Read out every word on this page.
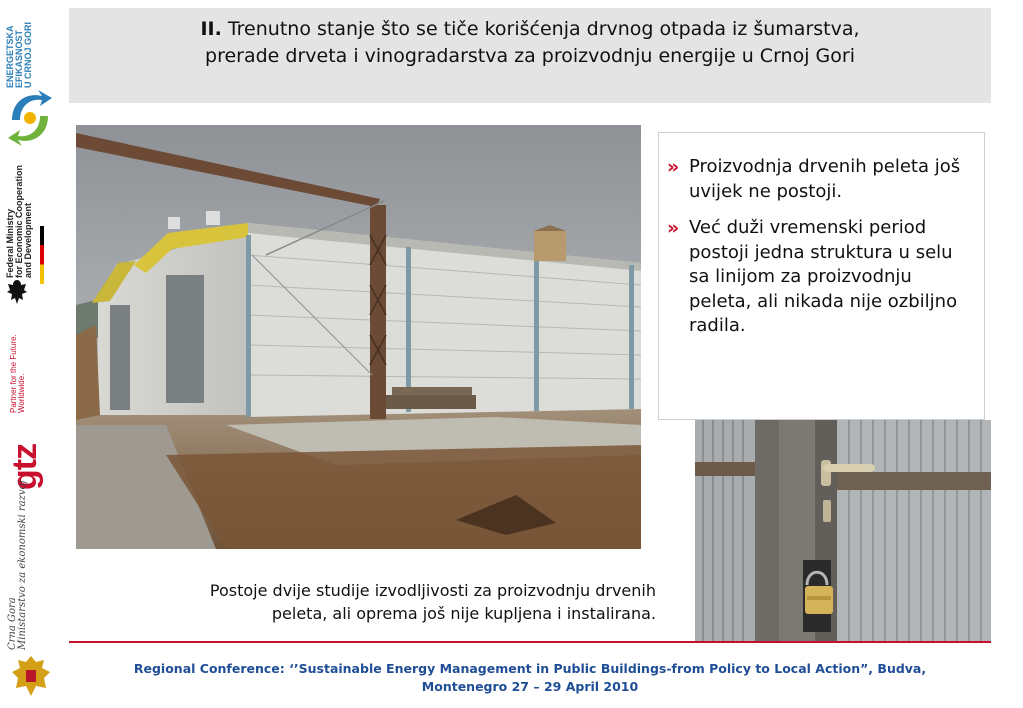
ENERGETSKA
EFIKASNOST
U CRNOJ GORI
Federal Ministry
for Economic Cooperation
and Development
Partner for the Future.
Worldwide.
gtz
Crna Gora
Ministarstvo za ekonomski razvoj
II. Trenutno stanje što se tiče korišćenja drvnog otpada iz šumarstva,
prerade drveta i vinogradarstva za proizvodnju energije u Crnoj Gori
» Proizvodnja drvenih peleta još uvijek ne postoji.
» Već duži vremenski period postoji jedna struktura u selu sa linijom za proizvodnju peleta, ali nikada nije ozbiljno radila.
Postoje dvije studije izvodljivosti za proizvodnju drvenih
peleta, ali oprema još nije kupljena i instalirana.
Regional Conference: ‘’Sustainable Energy Management in Public Buildings-from Policy to Local Action”, Budva,
Montenegro 27 – 29 April 2010
